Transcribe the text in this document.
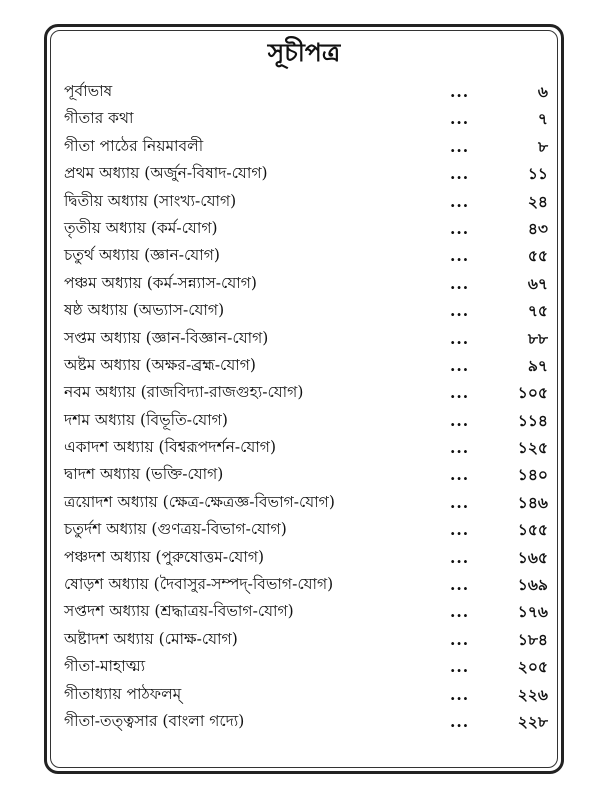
সূচীপত্র
পূর্বাভাষ	...	৬
গীতার কথা	...	৭
গীতা পাঠের নিয়মাবলী	...	৮
প্রথম অধ্যায় (অর্জুন-বিষাদ-যোগ)	...	১১
দ্বিতীয় অধ্যায় (সাংখ্য-যোগ)	...	২৪
তৃতীয় অধ্যায় (কর্ম-যোগ)	...	৪৩
চতুর্থ অধ্যায় (জ্ঞান-যোগ)	...	৫৫
পঞ্চম অধ্যায় (কর্ম-সন্ন্যাস-যোগ)	...	৬৭
ষষ্ঠ অধ্যায় (অভ্যাস-যোগ)	...	৭৫
সপ্তম অধ্যায় (জ্ঞান-বিজ্ঞান-যোগ)	...	৮৮
অষ্টম অধ্যায় (অক্ষর-ব্রহ্ম-যোগ)	...	৯৭
নবম অধ্যায় (রাজবিদ্যা-রাজগুহ্য-যোগ)	...	১০৫
দশম অধ্যায় (বিভূতি-যোগ)	...	১১৪
একাদশ অধ্যায় (বিশ্বরূপদর্শন-যোগ)	...	১২৫
দ্বাদশ অধ্যায় (ভক্তি-যোগ)	...	১৪০
ত্রয়োদশ অধ্যায় (ক্ষেত্র-ক্ষেত্রজ্ঞ-বিভাগ-যোগ)	...	১৪৬
চতুর্দশ অধ্যায় (গুণত্রয়-বিভাগ-যোগ)	...	১৫৫
পঞ্চদশ অধ্যায় (পুরুষোত্তম-যোগ)	...	১৬৫
ষোড়শ অধ্যায় (দৈবাসুর-সম্পদ্-বিভাগ-যোগ)	...	১৬৯
সপ্তদশ অধ্যায় (শ্রদ্ধাত্রয়-বিভাগ-যোগ)	...	১৭৬
অষ্টাদশ অধ্যায় (মোক্ষ-যোগ)	...	১৮৪
গীতা-মাহাত্ম্য	...	২০৫
গীতাধ্যায় পাঠফলম্	...	২২৬
গীতা-তত্ত্বসার (বাংলা গদ্যে)	...	২২৮
